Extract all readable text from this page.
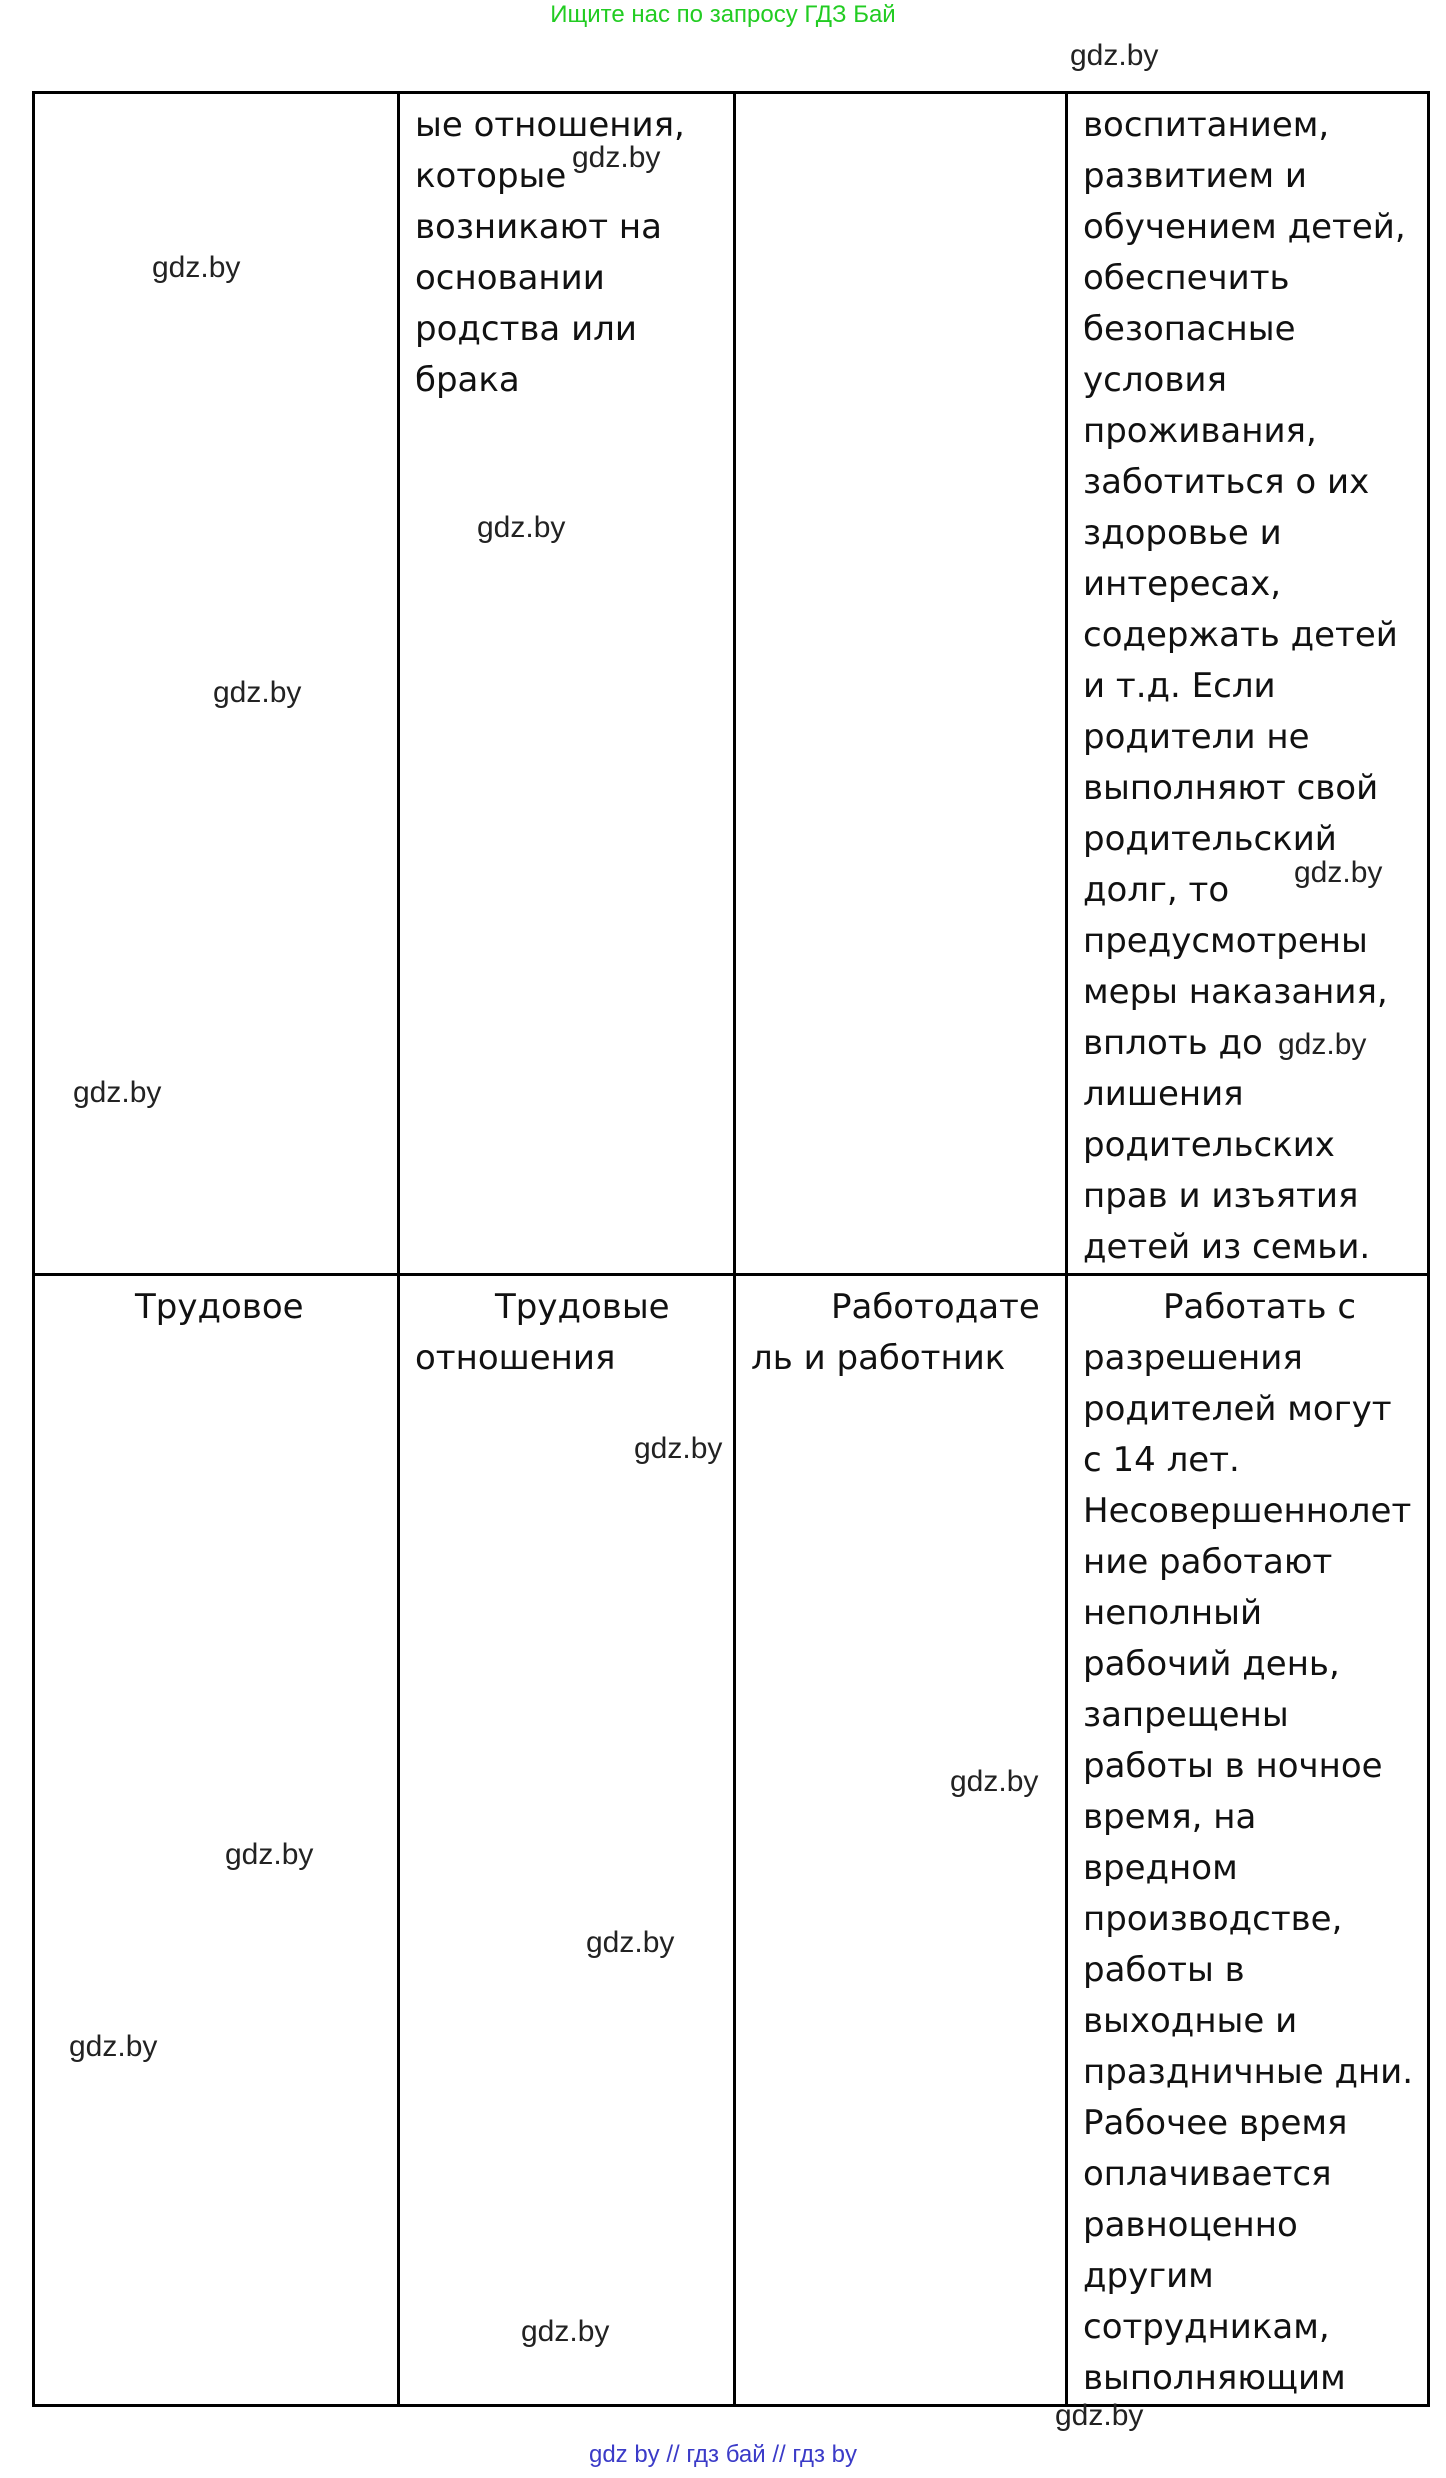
Ищите нас по запросу ГДЗ Бай
	ые отношения, которые возникают на основании родства или брака		воспитанием, развитием и обучением детей, обеспечить безопасные условия проживания, заботиться о их здоровье и интересах, содержать детей и т.д. Если родители не выполняют свой родительский долг, то предусмотрены меры наказания, вплоть до лишения родительских прав и изъятия детей из семьи.
Трудовое	Трудовые отношения	Работодатель и работник	Работать с разрешения родителей могут с 14 лет. Несовершеннолетние работают неполный рабочий день, запрещены работы в ночное время, на вредном производстве, работы в выходные и праздничные дни. Рабочее время оплачивается равноценно другим сотрудникам, выполняющим
gdz.by
gdz.by
gdz.by
gdz.by
gdz.by
gdz.by
gdz.by
gdz.by
gdz.by
gdz.by
gdz.by
gdz.by
gdz.by
gdz.by
gdz.by
gdz by // гдз бай // гдз by
